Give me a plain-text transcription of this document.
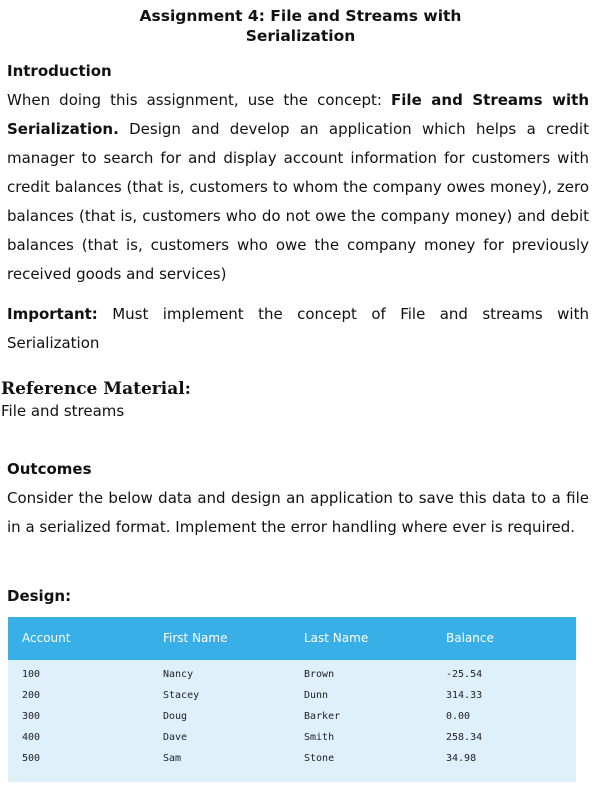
Assignment 4: File and Streams with
Serialization
Introduction
When doing this assignment, use the concept: File and Streams with Serialization. Design and develop an application which helps a credit manager to search for and display account information for customers with credit balances (that is, customers to whom the company owes money), zero balances (that is, customers who do not owe the company money) and debit balances (that is, customers who owe the company money for previously received goods and services)
Important: Must implement the concept of File and streams with Serialization
Reference Material:
File and streams
Outcomes
Consider the below data and design an application to save this data to a file in a serialized format. Implement the error handling where ever is required.
Design:
Account	First Name	Last Name	Balance
100	Nancy	Brown	-25.54
200	Stacey	Dunn	314.33
300	Doug	Barker	0.00
400	Dave	Smith	258.34
500	Sam	Stone	34.98
